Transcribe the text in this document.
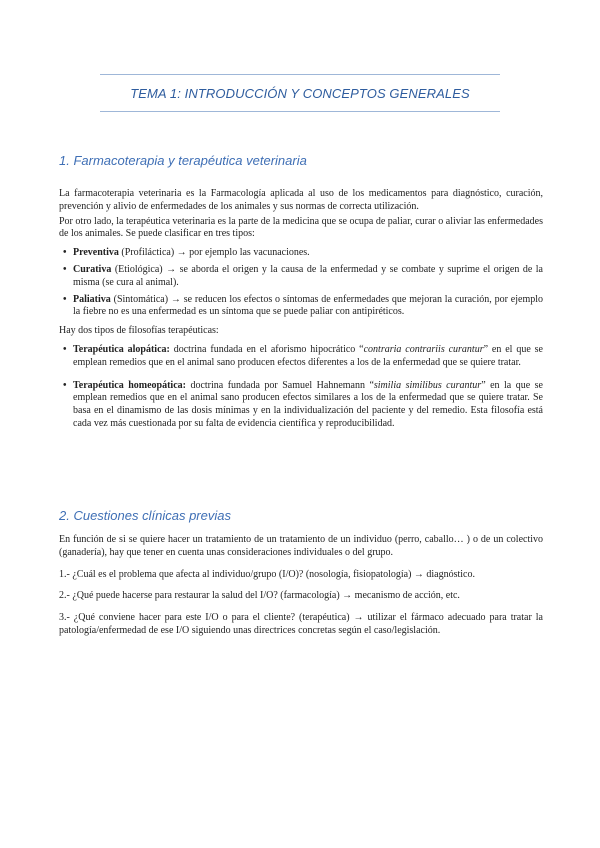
TEMA 1: INTRODUCCIÓN Y CONCEPTOS GENERALES
1. Farmacoterapia y terapéutica veterinaria

La farmacoterapia veterinaria es la Farmacología aplicada al uso de los medicamentos para diagnóstico, curación, prevención y alivio de enfermedades de los animales y sus normas de correcta utilización.

Por otro lado, la terapéutica veterinaria es la parte de la medicina que se ocupa de paliar, curar o aliviar las enfermedades de los animales. Se puede clasificar en tres tipos:

• Preventiva (Profiláctica) → por ejemplo las vacunaciones.
• Curativa (Etiológica) → se aborda el origen y la causa de la enfermedad y se combate y suprime el origen de la misma (se cura al animal).
• Paliativa (Sintomática) → se reducen los efectos o síntomas de enfermedades que mejoran la curación, por ejemplo la fiebre no es una enfermedad es un síntoma que se puede paliar con antipiréticos.

Hay dos tipos de filosofías terapéuticas:

• Terapéutica alopática: doctrina fundada en el aforismo hipocrático “contraria contrariis curantur” en el que se emplean remedios que en el animal sano producen efectos diferentes a los de la enfermedad que se quiere tratar.
• Terapéutica homeopática: doctrina fundada por Samuel Hahnemann “similia similibus curantur” en la que se emplean remedios que en el animal sano producen efectos similares a los de la enfermedad que se quiere tratar. Se basa en el dinamismo de las dosis mínimas y en la individualización del paciente y del remedio. Esta filosofía está cada vez más cuestionada por su falta de evidencia científica y reproducibilidad.
2. Cuestiones clínicas previas

En función de si se quiere hacer un tratamiento de un tratamiento de un individuo (perro, caballo… ) o de un colectivo (ganadería), hay que tener en cuenta unas consideraciones individuales o del grupo.

1.- ¿Cuál es el problema que afecta al individuo/grupo (I/O)? (nosología, fisiopatología) → diagnóstico.

2.- ¿Qué puede hacerse para restaurar la salud del I/O? (farmacología) → mecanismo de acción, etc.

3.- ¿Qué conviene hacer para este I/O o para el cliente? (terapéutica) → utilizar el fármaco adecuado para tratar la patología/enfermedad de ese I/O siguiendo unas directrices concretas según el caso/legislación.
